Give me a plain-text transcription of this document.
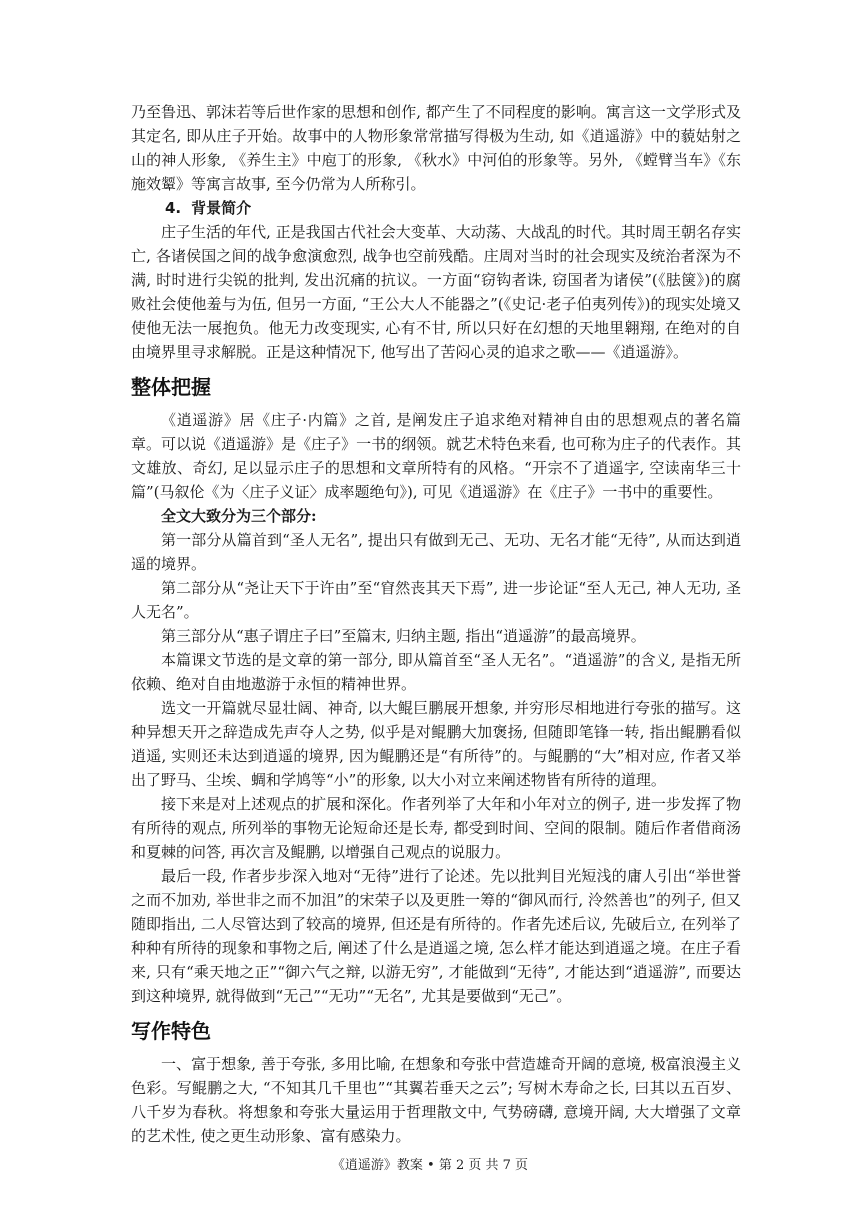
乃至鲁迅、郭沫若等后世作家的思想和创作, 都产生了不同程度的影响。寓言这一文学形式及其定名, 即从庄子开始。故事中的人物形象常常描写得极为生动, 如《逍遥游》中的藐姑射之山的神人形象, 《养生主》中庖丁的形象, 《秋水》中河伯的形象等。另外, 《螳臂当车》《东施效颦》等寓言故事, 至今仍常为人所称引。

4. 背景简介

庄子生活的年代, 正是我国古代社会大变革、大动荡、大战乱的时代。其时周王朝名存实亡, 各诸侯国之间的战争愈演愈烈, 战争也空前残酷。庄周对当时的社会现实及统治者深为不满, 时时进行尖锐的批判, 发出沉痛的抗议。一方面“窃钩者诛, 窃国者为诸侯”(《胠箧》)的腐败社会使他羞与为伍, 但另一方面, “王公大人不能器之”(《史记·老子伯夷列传》)的现实处境又使他无法一展抱负。他无力改变现实, 心有不甘, 所以只好在幻想的天地里翱翔, 在绝对的自由境界里寻求解脱。正是这种情况下, 他写出了苦闷心灵的追求之歌——《逍遥游》。

整体把握

《逍遥游》居《庄子·内篇》之首, 是阐发庄子追求绝对精神自由的思想观点的著名篇章。可以说《逍遥游》是《庄子》一书的纲领。就艺术特色来看, 也可称为庄子的代表作。其文雄放、奇幻, 足以显示庄子的思想和文章所特有的风格。“开宗不了逍遥字, 空读南华三十篇”(马叙伦《为〈庄子义证〉成率题绝句》), 可见《逍遥游》在《庄子》一书中的重要性。

全文大致分为三个部分:

第一部分从篇首到“圣人无名”, 提出只有做到无己、无功、无名才能“无待”, 从而达到逍遥的境界。

第二部分从“尧让天下于许由”至“窅然丧其天下焉”, 进一步论证“至人无己, 神人无功, 圣人无名”。

第三部分从“惠子谓庄子曰”至篇末, 归纳主题, 指出“逍遥游”的最高境界。

本篇课文节选的是文章的第一部分, 即从篇首至“圣人无名”。“逍遥游”的含义, 是指无所依赖、绝对自由地遨游于永恒的精神世界。

选文一开篇就尽显壮阔、神奇, 以大鲲巨鹏展开想象, 并穷形尽相地进行夸张的描写。这种异想天开之辞造成先声夺人之势, 似乎是对鲲鹏大加褒扬, 但随即笔锋一转, 指出鲲鹏看似逍遥, 实则还未达到逍遥的境界, 因为鲲鹏还是“有所待”的。与鲲鹏的“大”相对应, 作者又举出了野马、尘埃、蜩和学鸠等“小”的形象, 以大小对立来阐述物皆有所待的道理。

接下来是对上述观点的扩展和深化。作者列举了大年和小年对立的例子, 进一步发挥了物有所待的观点, 所列举的事物无论短命还是长寿, 都受到时间、空间的限制。随后作者借商汤和夏棘的问答, 再次言及鲲鹏, 以增强自己观点的说服力。

最后一段, 作者步步深入地对“无待”进行了论述。先以批判目光短浅的庸人引出“举世誉之而不加劝, 举世非之而不加沮”的宋荣子以及更胜一筹的“御风而行, 泠然善也”的列子, 但又随即指出, 二人尽管达到了较高的境界, 但还是有所待的。作者先述后议, 先破后立, 在列举了种种有所待的现象和事物之后, 阐述了什么是逍遥之境, 怎么样才能达到逍遥之境。在庄子看来, 只有“乘天地之正”“御六气之辩, 以游无穷”, 才能做到“无待”, 才能达到“逍遥游”, 而要达到这种境界, 就得做到“无己”“无功”“无名”, 尤其是要做到“无己”。

写作特色

一、富于想象, 善于夸张, 多用比喻, 在想象和夸张中营造雄奇开阔的意境, 极富浪漫主义色彩。写鲲鹏之大, “不知其几千里也”“其翼若垂天之云”; 写树木寿命之长, 曰其以五百岁、八千岁为春秋。将想象和夸张大量运用于哲理散文中, 气势磅礴, 意境开阔, 大大增强了文章的艺术性, 使之更生动形象、富有感染力。

《逍遥游》教案 • 第 2 页 共 7 页
